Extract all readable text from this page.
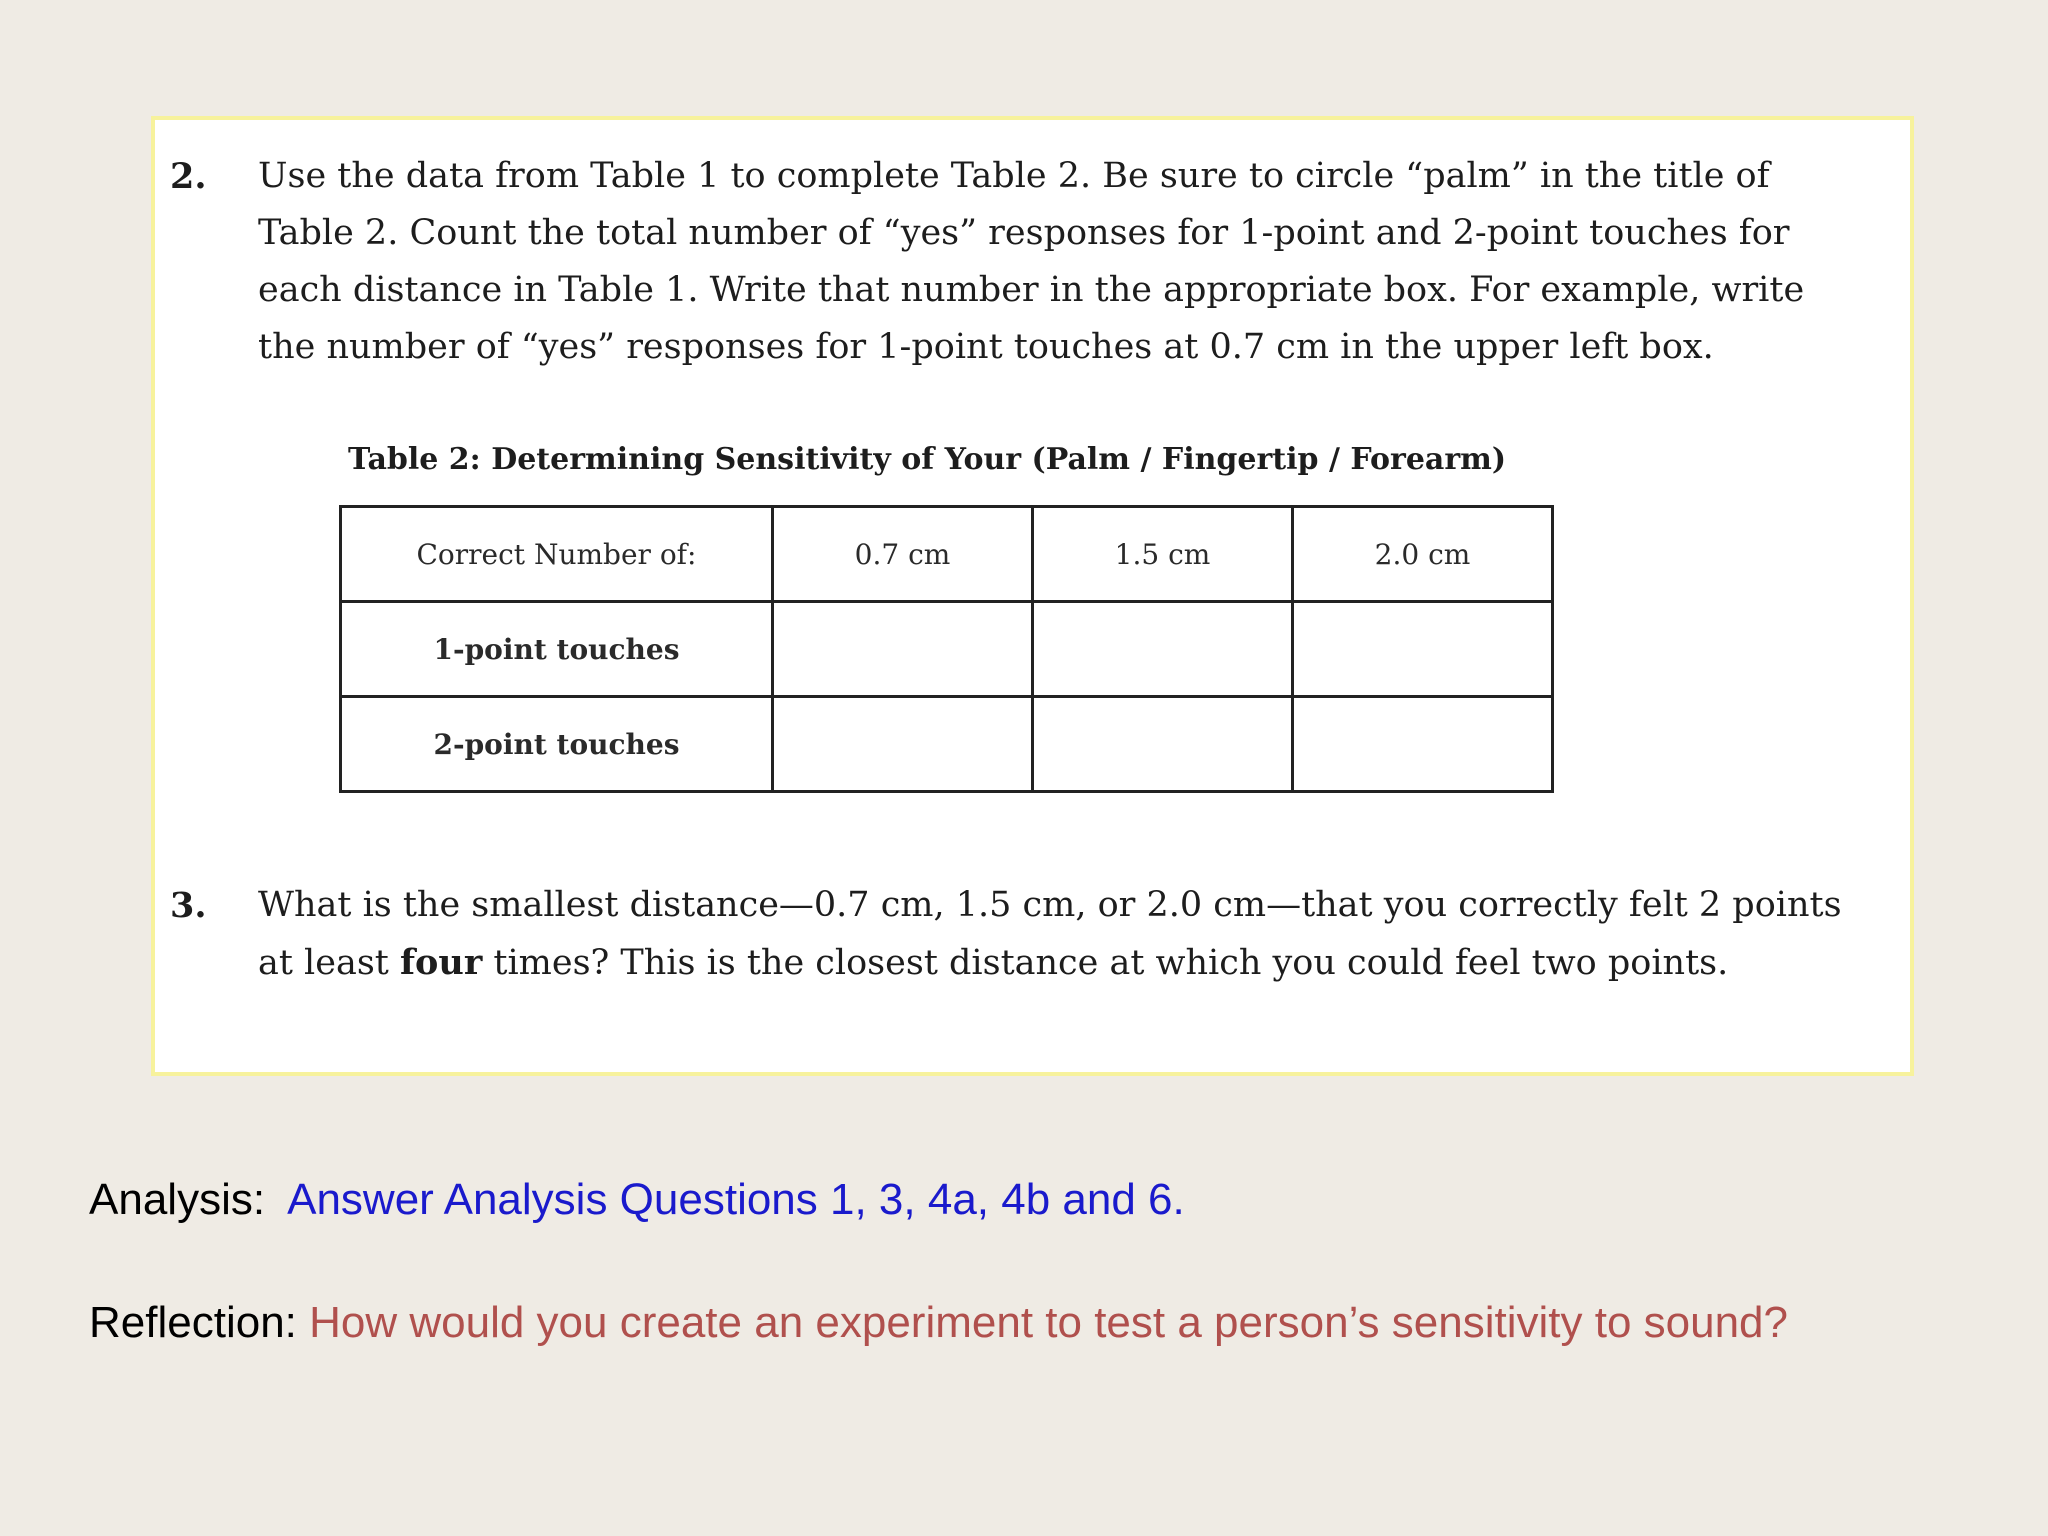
2. Use the data from Table 1 to complete Table 2. Be sure to circle “palm” in the title of
Table 2. Count the total number of “yes” responses for 1-point and 2-point touches for
each distance in Table 1. Write that number in the appropriate box. For example, write
the number of “yes” responses for 1-point touches at 0.7 cm in the upper left box.
Table 2: Determining Sensitivity of Your (Palm / Fingertip / Forearm)
Correct Number of:	0.7 cm	1.5 cm	2.0 cm
1-point touches			
2-point touches			
3. What is the smallest distance—0.7 cm, 1.5 cm, or 2.0 cm—that you correctly felt 2 points
at least four times? This is the closest distance at which you could feel two points.
Analysis:  Answer Analysis Questions 1, 3, 4a, 4b and 6.
Reflection: How would you create an experiment to test a person’s sensitivity to sound?
